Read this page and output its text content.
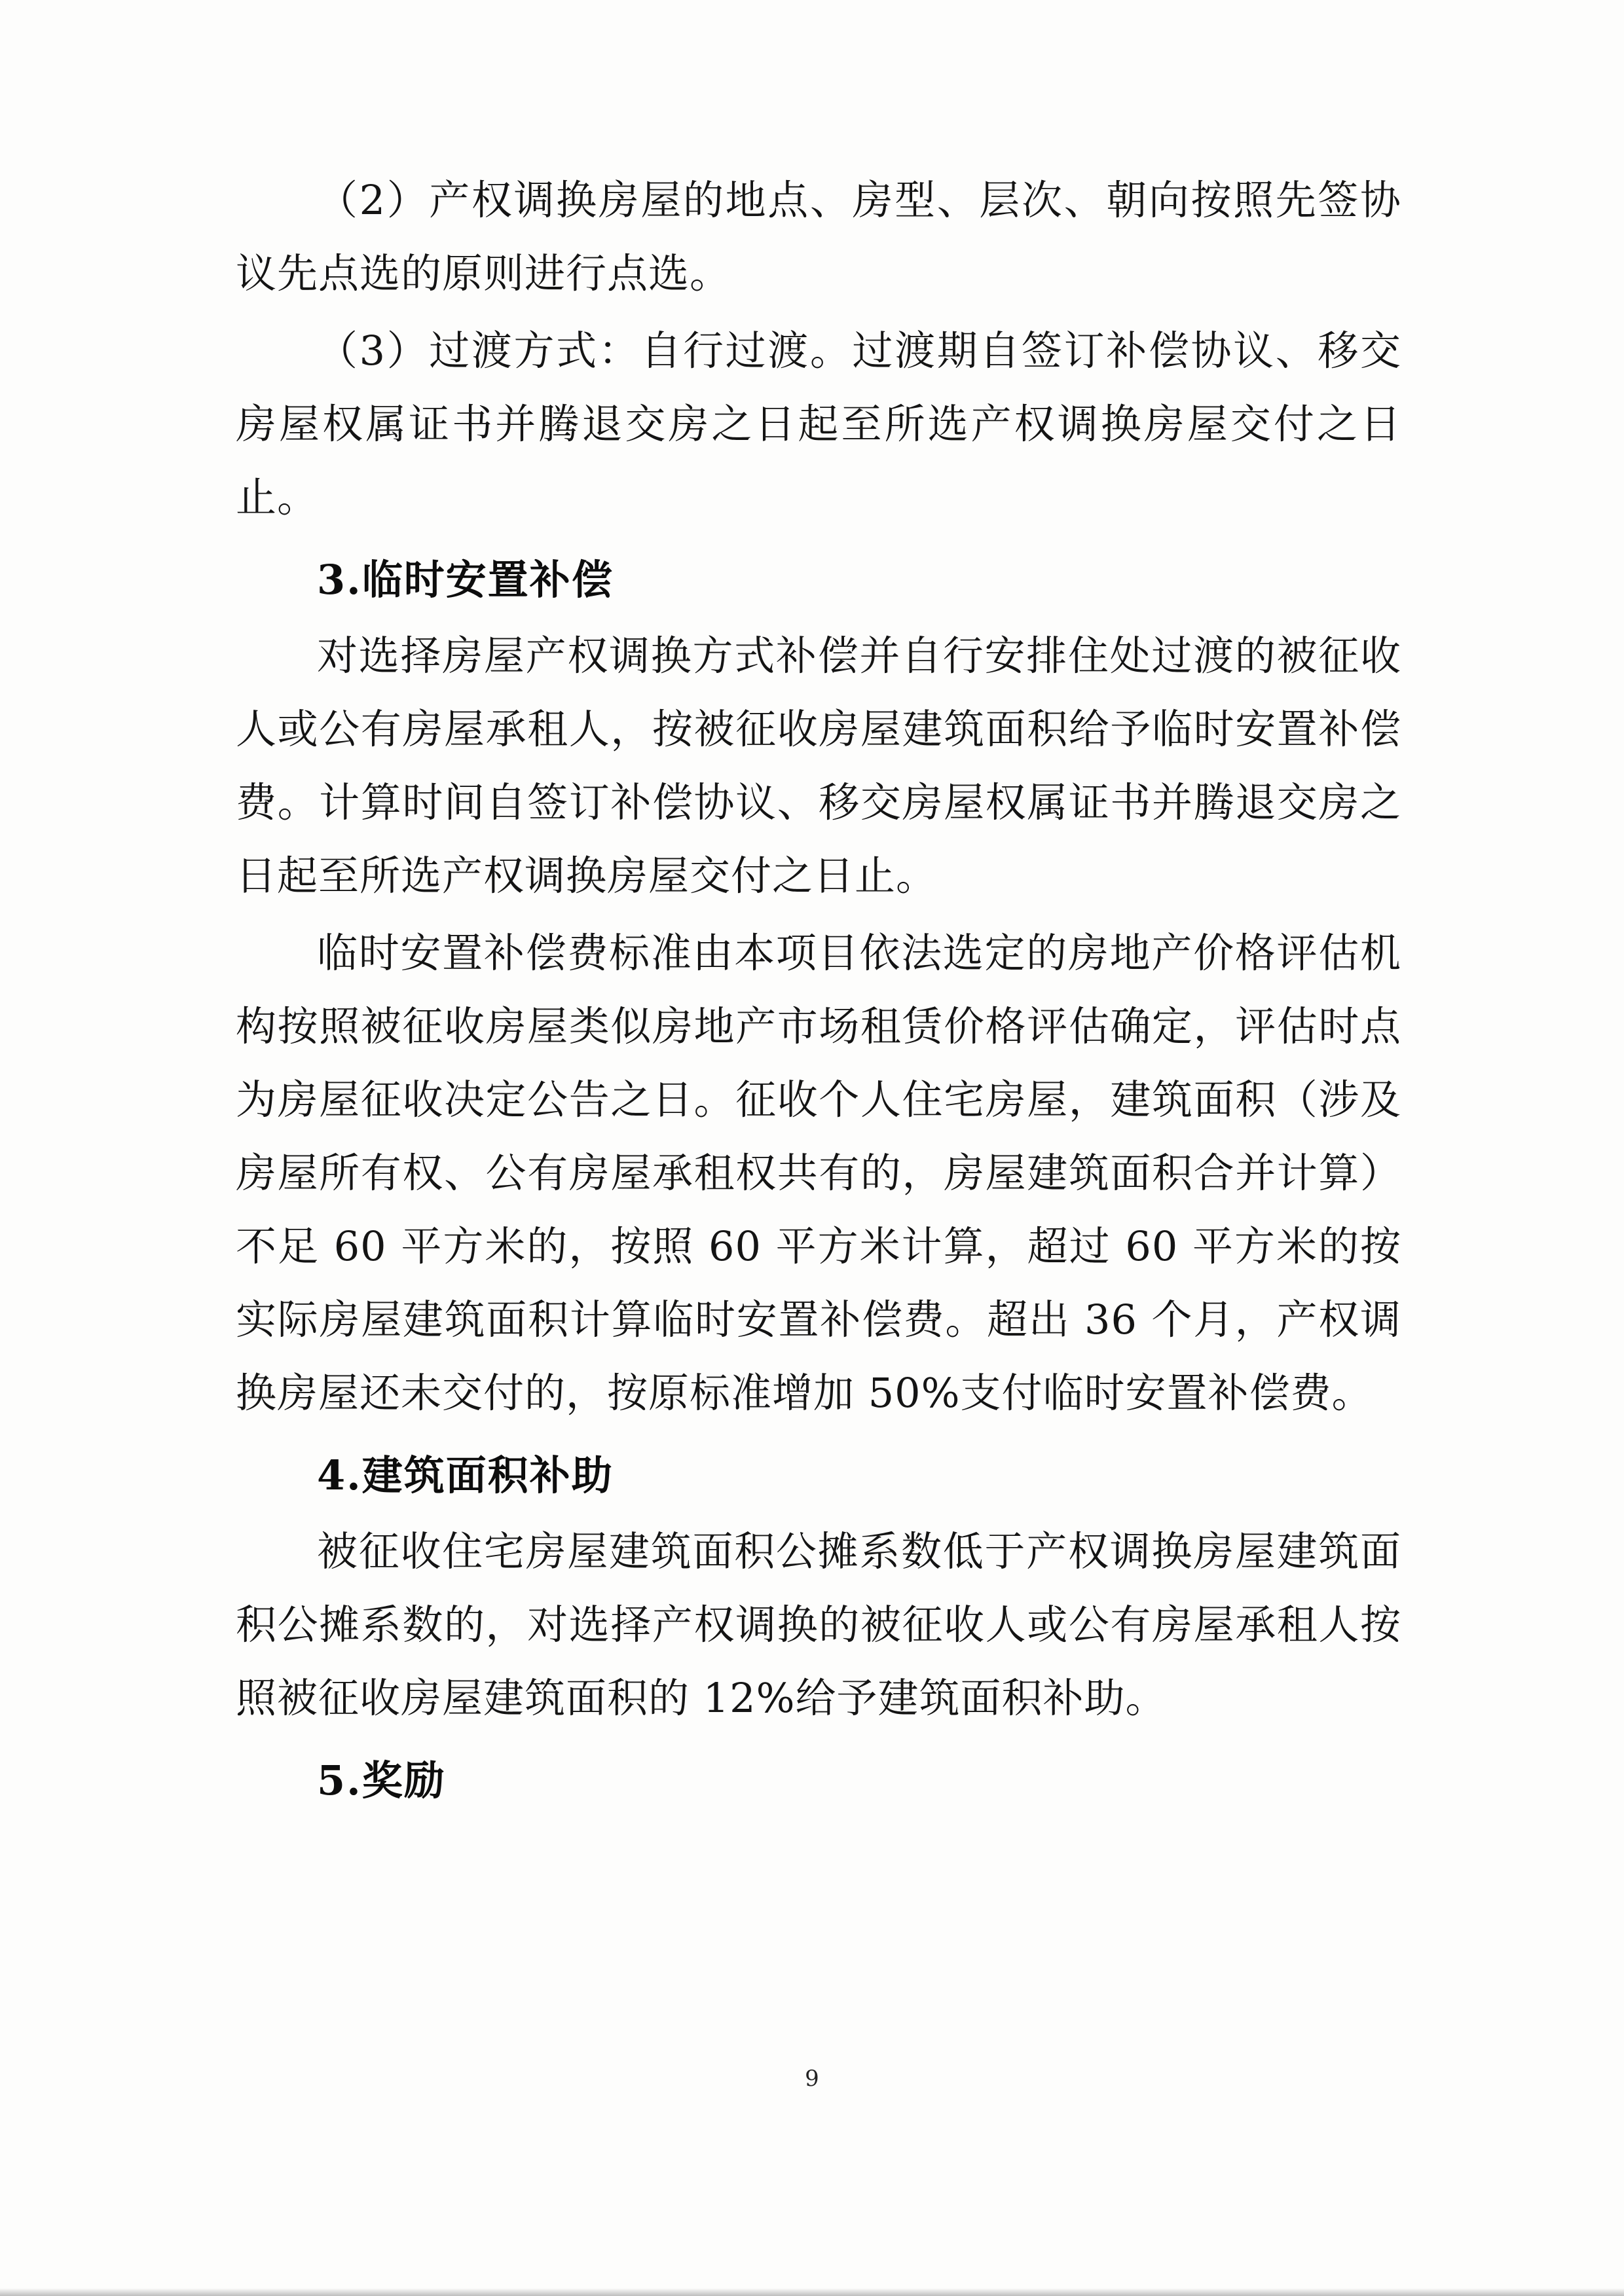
（2）产权调换房屋的地点、房型、层次、朝向按照先签协议先点选的原则进行点选。

（3）过渡方式：自行过渡。过渡期自签订补偿协议、移交房屋权属证书并腾退交房之日起至所选产权调换房屋交付之日止。

3.临时安置补偿

对选择房屋产权调换方式补偿并自行安排住处过渡的被征收人或公有房屋承租人，按被征收房屋建筑面积给予临时安置补偿费。计算时间自签订补偿协议、移交房屋权属证书并腾退交房之日起至所选产权调换房屋交付之日止。

临时安置补偿费标准由本项目依法选定的房地产价格评估机构按照被征收房屋类似房地产市场租赁价格评估确定，评估时点为房屋征收决定公告之日。征收个人住宅房屋，建筑面积（涉及房屋所有权、公有房屋承租权共有的，房屋建筑面积合并计算）不足 60 平方米的，按照 60 平方米计算，超过 60 平方米的按实际房屋建筑面积计算临时安置补偿费。超出 36 个月，产权调换房屋还未交付的，按原标准增加 50%支付临时安置补偿费。

4.建筑面积补助

被征收住宅房屋建筑面积公摊系数低于产权调换房屋建筑面积公摊系数的，对选择产权调换的被征收人或公有房屋承租人按照被征收房屋建筑面积的 12%给予建筑面积补助。

5.奖励

9
